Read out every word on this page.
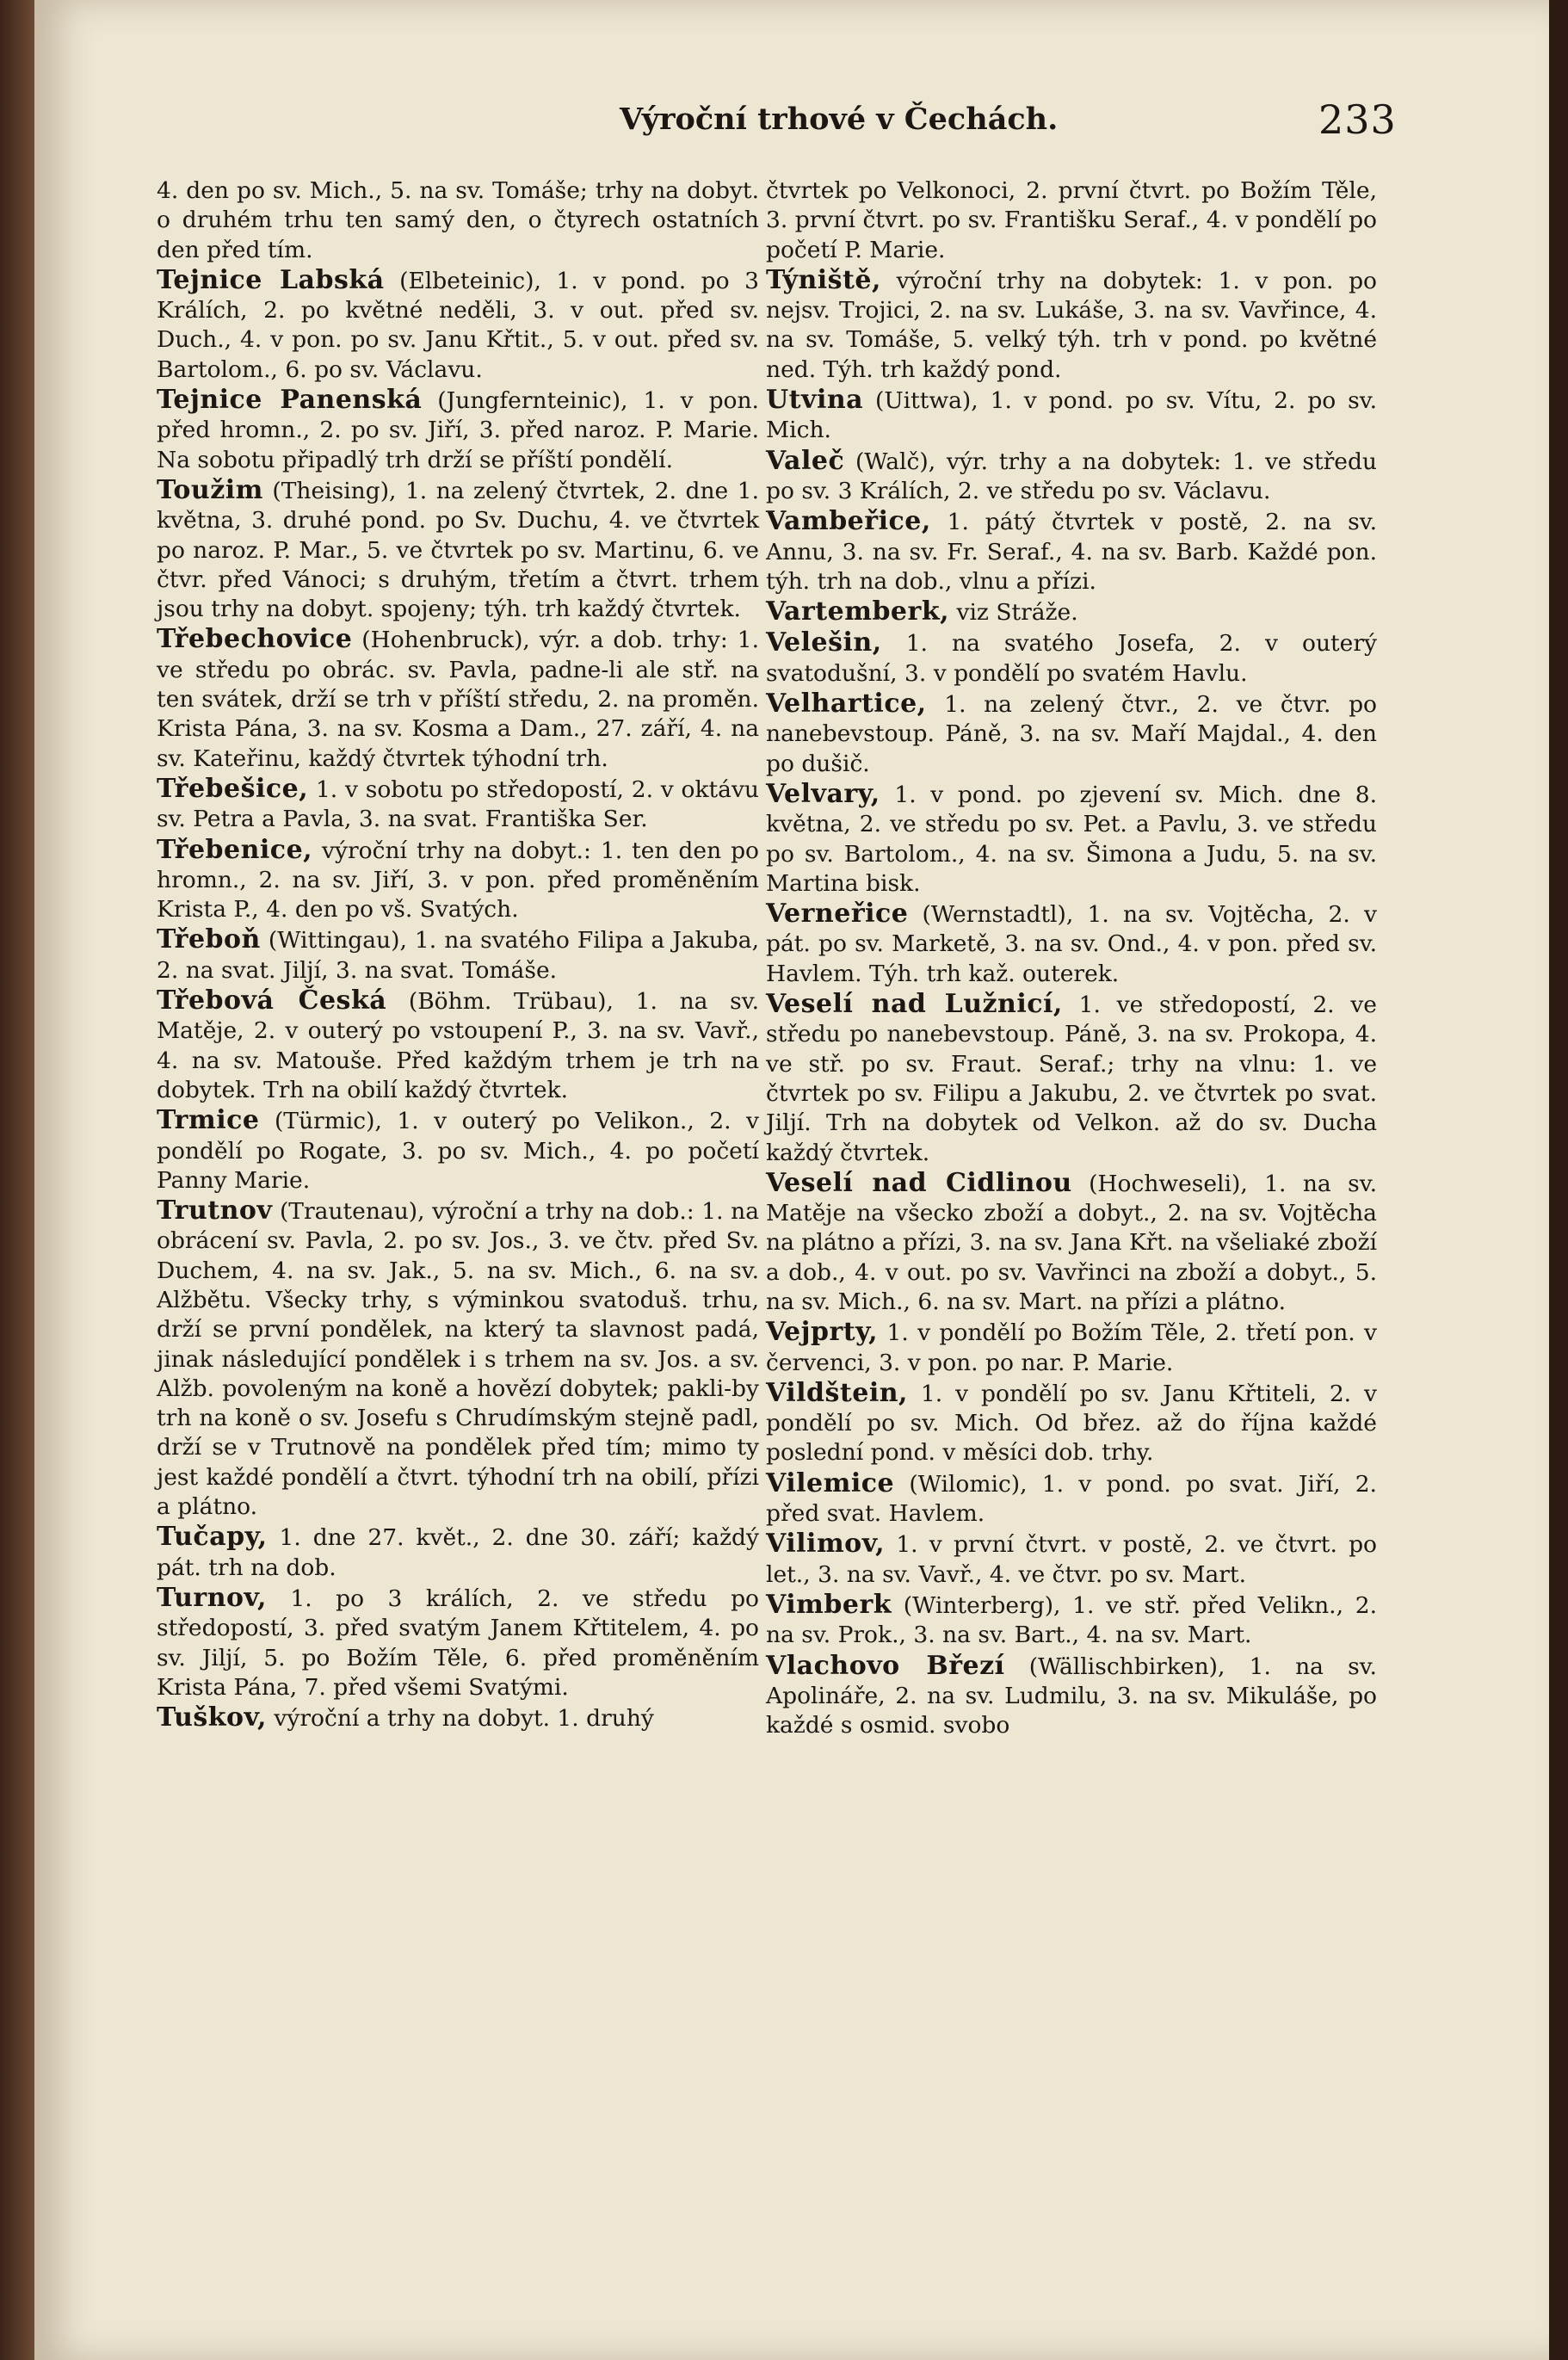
Výroční trhové v Čechách.	233

4. den po sv. Mich., 5. na sv. Tomáše; trhy na dobyt. o druhém trhu ten samý den, o čtyrech ostatních den před tím.

Tejnice Labská (Elbeteinic), 1. v pond. po 3 Králích, 2. po květné neděli, 3. v out. před sv. Duch., 4. v pon. po sv. Janu Křtit., 5. v out. před sv. Bartolom., 6. po sv. Václavu.

Tejnice Panenská (Jungfernteinic), 1. v pon. před hromn., 2. po sv. Jiří, 3. před naroz. P. Marie. Na sobotu připadlý trh drží se příští pondělí.

Toužim (Theising), 1. na zelený čtvrtek, 2. dne 1. května, 3. druhé pond. po Sv. Duchu, 4. ve čtvrtek po naroz. P. Mar., 5. ve čtvrtek po sv. Martinu, 6. ve čtvr. před Vánoci; s druhým, třetím a čtvrt. trhem jsou trhy na dobyt. spojeny; týh. trh každý čtvrtek.

Třebechovice (Hohenbruck), výr. a dob. trhy: 1. ve středu po obrác. sv. Pavla, padne-li ale stř. na ten svátek, drží se trh v příští středu, 2. na proměn. Krista Pána, 3. na sv. Kosma a Dam., 27. září, 4. na sv. Kateřinu, každý čtvrtek týhodní trh.

Třebešice, 1. v sobotu po středopostí, 2. v oktávu sv. Petra a Pavla, 3. na svat. Františka Ser.

Třebenice, výroční trhy na dobyt.: 1. ten den po hromn., 2. na sv. Jiří, 3. v pon. před proměněním Krista P., 4. den po vš. Svatých.

Třeboň (Wittingau), 1. na svatého Filipa a Jakuba, 2. na svat. Jiljí, 3. na svat. Tomáše.

Třebová Česká (Böhm. Trübau), 1. na sv. Matěje, 2. v outerý po vstoupení P., 3. na sv. Vavř., 4. na sv. Matouše. Před každým trhem je trh na dobytek. Trh na obilí každý čtvrtek.

Trmice (Türmic), 1. v outerý po Velikon., 2. v pondělí po Rogate, 3. po sv. Mich., 4. po početí Panny Marie.

Trutnov (Trautenau), výroční a trhy na dob.: 1. na obrácení sv. Pavla, 2. po sv. Jos., 3. ve čtv. před Sv. Duchem, 4. na sv. Jak., 5. na sv. Mich., 6. na sv. Alžbětu. Všecky trhy, s výminkou svatoduš. trhu, drží se první pondělek, na který ta slavnost padá, jinak následující pondělek i s trhem na sv. Jos. a sv. Alžb. povoleným na koně a hovězí dobytek; pakli-by trh na koně o sv. Josefu s Chrudímským stejně padl, drží se v Trutnově na pondělek před tím; mimo ty jest každé pondělí a čtvrt. týhodní trh na obilí, přízi a plátno.

Tučapy, 1. dne 27. květ., 2. dne 30. září; každý pát. trh na dob.

Turnov, 1. po 3 králích, 2. ve středu po středopostí, 3. před svatým Janem Křtitelem, 4. po sv. Jiljí, 5. po Božím Těle, 6. před proměněním Krista Pána, 7. před všemi Svatými.

Tuškov, výroční a trhy na dobyt. 1. druhý

čtvrtek po Velkonoci, 2. první čtvrt. po Božím Těle, 3. první čtvrt. po sv. Františku Seraf., 4. v pondělí po početí P. Marie.

Týniště, výroční trhy na dobytek: 1. v pon. po nejsv. Trojici, 2. na sv. Lukáše, 3. na sv. Vavřince, 4. na sv. Tomáše, 5. velký týh. trh v pond. po květné ned. Týh. trh každý pond.

Utvina (Uittwa), 1. v pond. po sv. Vítu, 2. po sv. Mich.

Valeč (Walč), výr. trhy a na dobytek: 1. ve středu po sv. 3 Králích, 2. ve středu po sv. Václavu.

Vambeřice, 1. pátý čtvrtek v postě, 2. na sv. Annu, 3. na sv. Fr. Seraf., 4. na sv. Barb. Každé pon. týh. trh na dob., vlnu a přízi.

Vartemberk, viz Stráže.

Velešin, 1. na svatého Josefa, 2. v outerý svatodušní, 3. v pondělí po svatém Havlu.

Velhartice, 1. na zelený čtvr., 2. ve čtvr. po nanebevstoup. Páně, 3. na sv. Maří Majdal., 4. den po dušič.

Velvary, 1. v pond. po zjevení sv. Mich. dne 8. května, 2. ve středu po sv. Pet. a Pavlu, 3. ve středu po sv. Bartolom., 4. na sv. Šimona a Judu, 5. na sv. Martina bisk.

Verneřice (Wernstadtl), 1. na sv. Vojtěcha, 2. v pát. po sv. Marketě, 3. na sv. Ond., 4. v pon. před sv. Havlem. Týh. trh kaž. outerek.

Veselí nad Lužnicí, 1. ve středopostí, 2. ve středu po nanebevstoup. Páně, 3. na sv. Prokopa, 4. ve stř. po sv. Fraut. Seraf.; trhy na vlnu: 1. ve čtvrtek po sv. Filipu a Jakubu, 2. ve čtvrtek po svat. Jiljí. Trh na dobytek od Velkon. až do sv. Ducha každý čtvrtek.

Veselí nad Cidlinou (Hochweseli), 1. na sv. Matěje na všecko zboží a dobyt., 2. na sv. Vojtěcha na plátno a přízi, 3. na sv. Jana Křt. na všeliaké zboží a dob., 4. v out. po sv. Vavřinci na zboží a dobyt., 5. na sv. Mich., 6. na sv. Mart. na přízi a plátno.

Vejprty, 1. v pondělí po Božím Těle, 2. třetí pon. v červenci, 3. v pon. po nar. P. Marie.

Vildštein, 1. v pondělí po sv. Janu Křtiteli, 2. v pondělí po sv. Mich. Od břez. až do října každé poslední pond. v měsíci dob. trhy.

Vilemice (Wilomic), 1. v pond. po svat. Jiří, 2. před svat. Havlem.

Vilimov, 1. v první čtvrt. v postě, 2. ve čtvrt. po let., 3. na sv. Vavř., 4. ve čtvr. po sv. Mart.

Vimberk (Winterberg), 1. ve stř. před Velikn., 2. na sv. Prok., 3. na sv. Bart., 4. na sv. Mart.

Vlachovo Březí (Wällischbirken), 1. na sv. Apolináře, 2. na sv. Ludmilu, 3. na sv. Mikuláše, po každé s osmid. svobo
